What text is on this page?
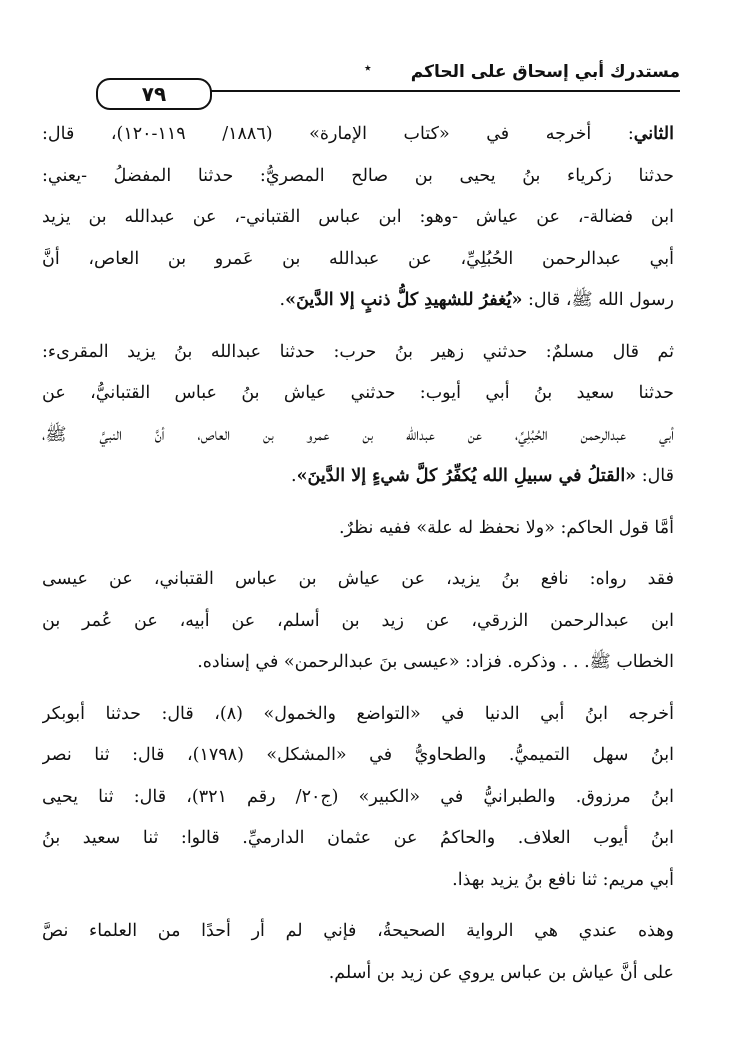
مستدرك أبي إسحاق على الحاكم
٭
٧٩
الثاني: أخرجه في «كتاب الإمارة» (١٨٨٦/ ١١٩-١٢٠)، قال:
حدثنا زكرياء بنُ يحيى بن صالح المصريُّ: حدثنا المفضلُ -يعني:
ابن فضالة-، عن عياش -وهو: ابن عباس القتباني-، عن عبدالله بن يزيد
أبي عبدالرحمن الحُبُلِيِّ، عن عبدالله بن عَمرو بن العاص، أنَّ
رسول الله ﷺ، قال: «يُغفرُ للشهيدِ كلُّ ذنبٍ إلا الدَّينَ».
ثم قال مسلمٌ: حدثني زهير بنُ حرب: حدثنا عبدالله بنُ يزيد المقرىء:
حدثنا سعيد بنُ أبي أيوب: حدثني عياش بنُ عباس القتبانيُّ، عن
أبي عبدالرحمن الحُبُلِيِّ، عن عبدالله بن عمرو بن العاص، أنَّ النبيَّ ﷺ،
قال: «القتلُ في سبيلِ الله يُكفِّرُ كلَّ شيءٍ إلا الدَّينَ».
أمَّا قول الحاكم: «ولا نحفظ له علة» ففيه نظرٌ.
فقد رواه: نافع بنُ يزيد، عن عياش بن عباس القتباني، عن عيسى
ابن عبدالرحمن الزرقي، عن زيد بن أسلم، عن أبيه، عن عُمر بن
الخطاب ﷺ. . . وذكره. فزاد: «عيسى بنَ عبدالرحمن» في إسناده.
أخرجه ابنُ أبي الدنيا في «التواضع والخمول» (٨)، قال: حدثنا أبوبكر
ابنُ سهل التميميُّ. والطحاويُّ في «المشكل» (١٧٩٨)، قال: ثنا نصر
ابنُ مرزوق. والطبرانيُّ في «الكبير» (ج٢٠/ رقم ٣٢١)، قال: ثنا يحيى
ابنُ أيوب العلاف. والحاكمُ عن عثمان الدارميِّ. قالوا: ثنا سعيد بنُ
أبي مريم: ثنا نافع بنُ يزيد بهذا.
وهذه عندي هي الرواية الصحيحةُ، فإني لم أر أحدًا من العلماء نصَّ
على أنَّ عياش بن عباس يروي عن زيد بن أسلم.
